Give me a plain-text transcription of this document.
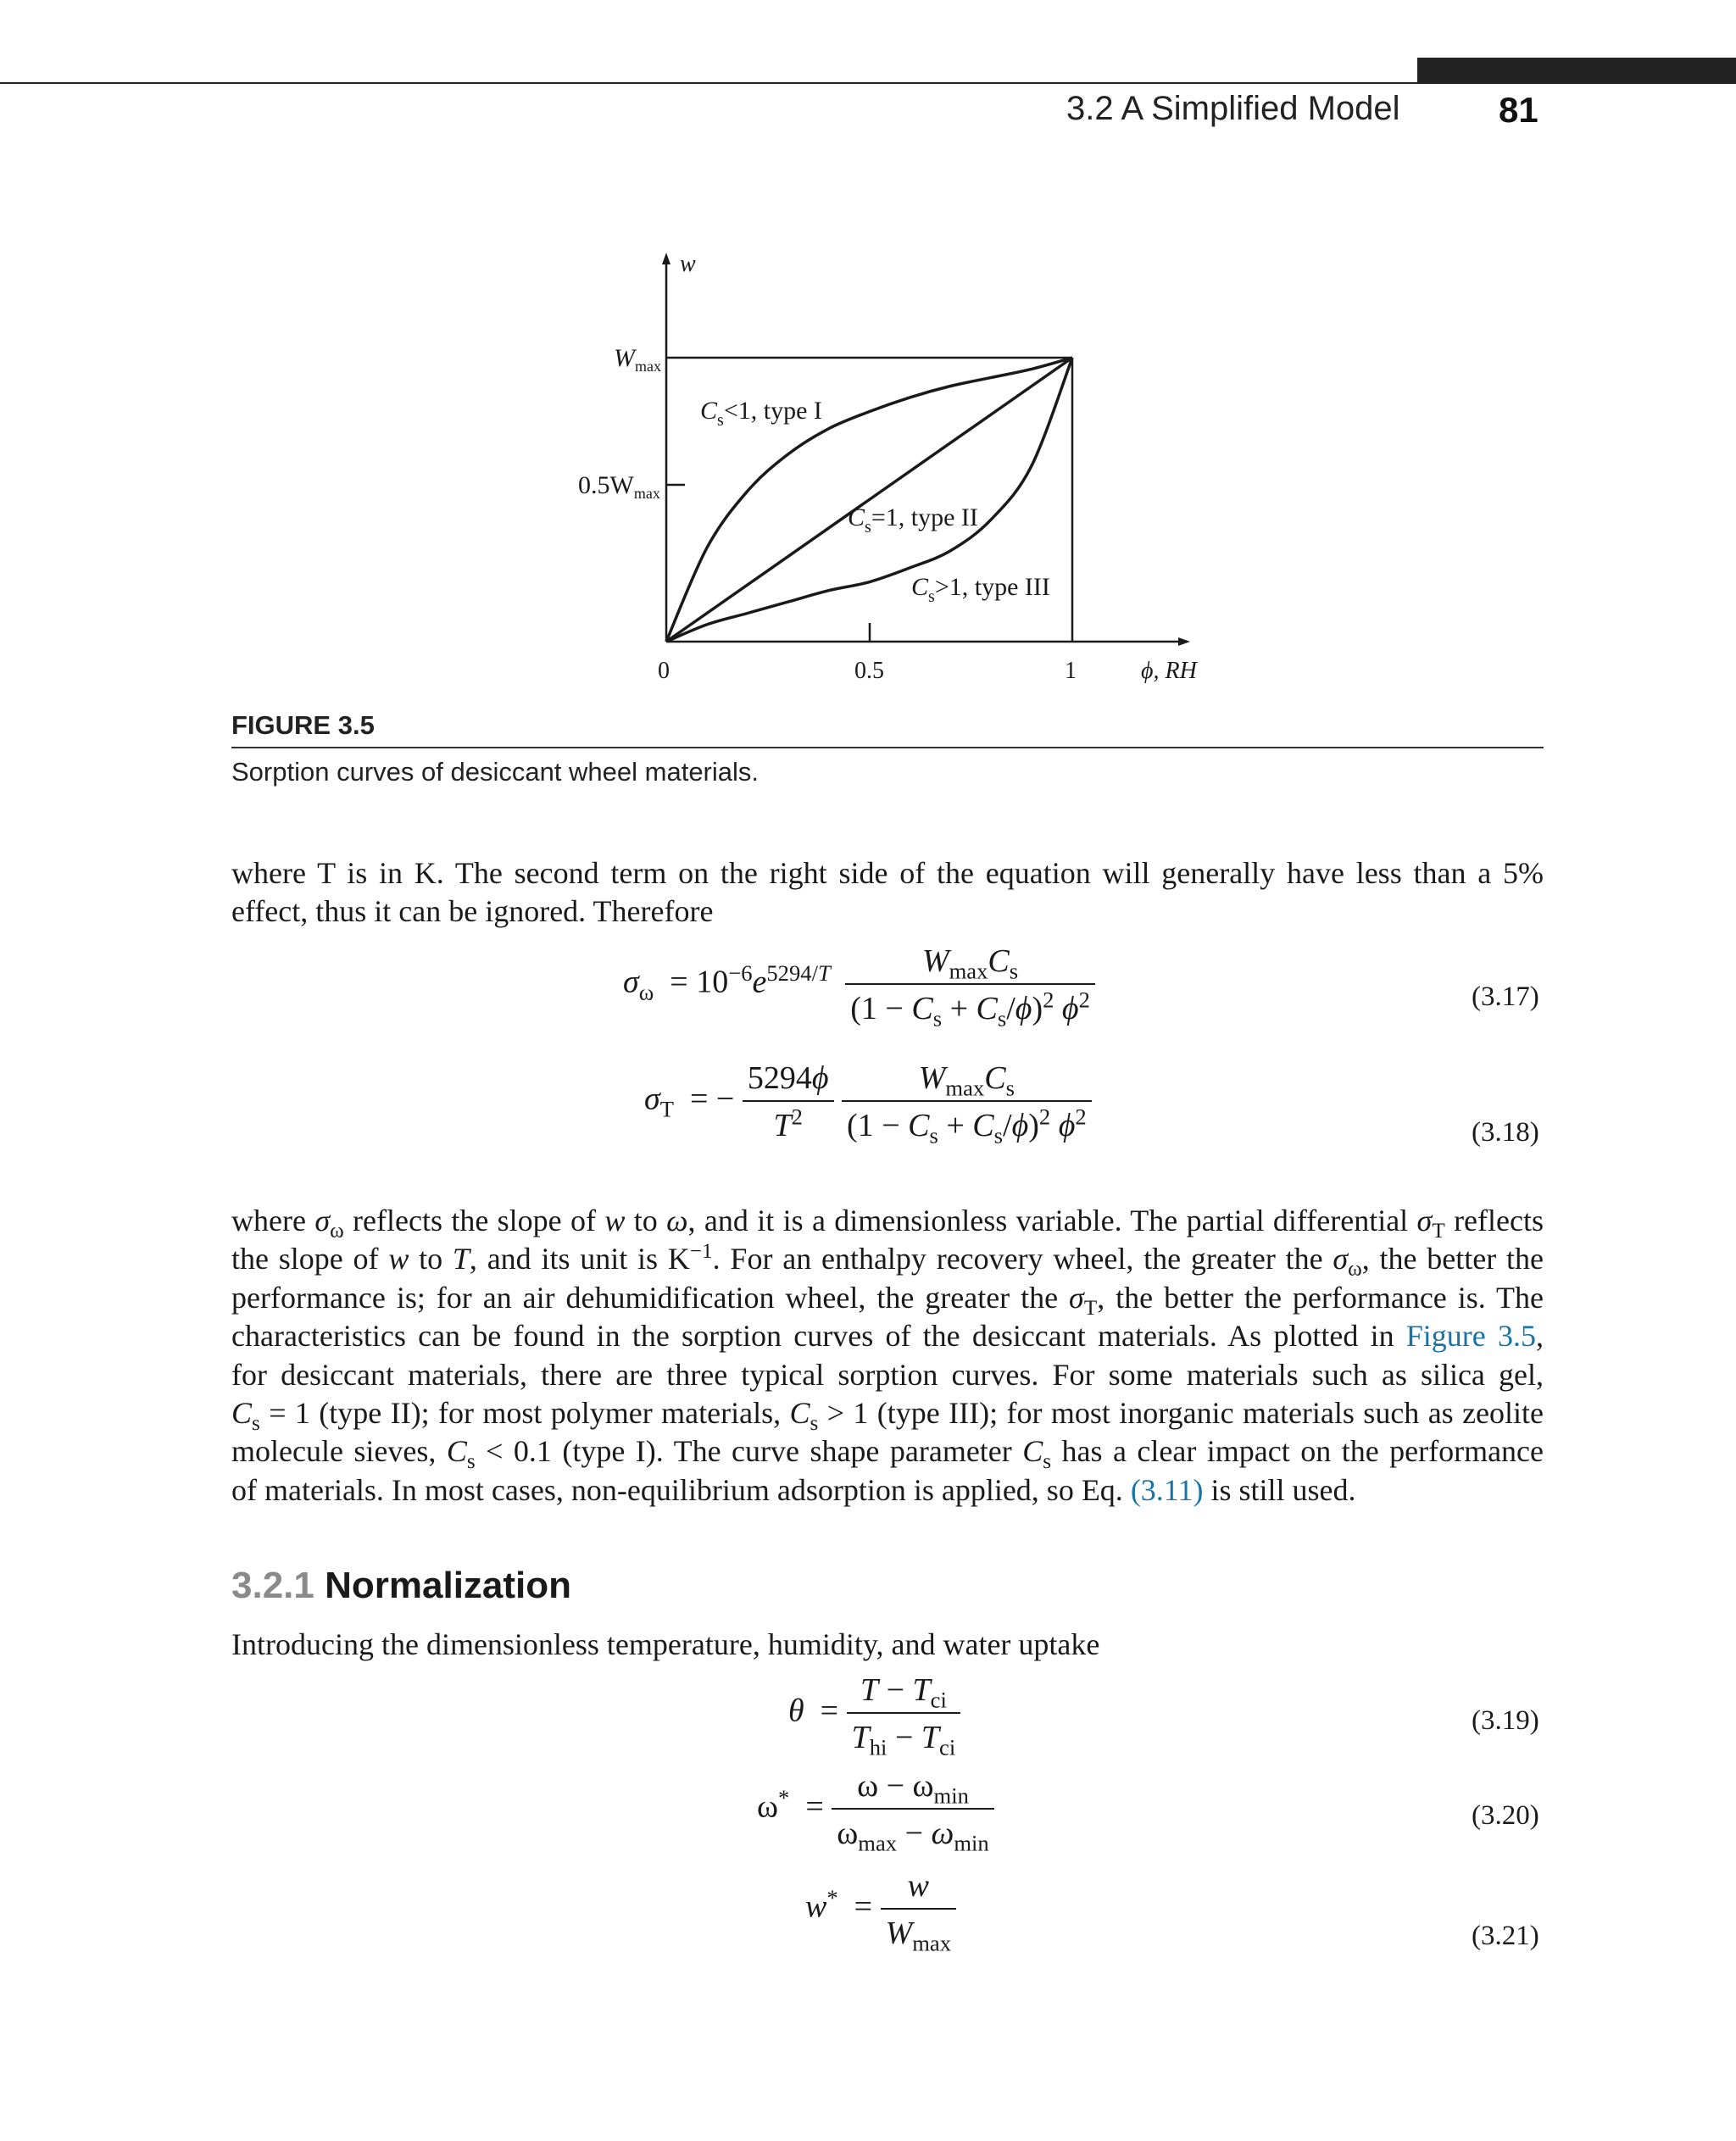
3.2 A Simplified Model	81
w
$W_{max}$
$0.5W_{max}$
0	0.5	1	ϕ, RH
$C_s<1$, type I
$C_s=1$, type II
$C_s>1$, type III
FIGURE 3.5
Sorption curves of desiccant wheel materials.
where T is in K. The second term on the right side of the equation will generally have less than a 5%
effect, thus it can be ignored. Therefore
$\sigma_\omega = 10^{-6}e^{5294/T} \frac{W_{max}C_s}{(1 - C_s + C_s/\phi)^2 \phi^2}$	(3.17)
$\sigma_T$  = − $\frac{5294\phi}{T^2}$
$\frac{W_{max}C_s}{(1 - C_s + C_s/\phi)^2 \phi^2}$	(3.18)
where $\sigma_\omega$ reflects the slope of w to ω, and it is a dimensionless variable. The partial differential $\sigma_T$ reflects
the slope of w to T, and its unit is $K^{-1}$. For an enthalpy recovery wheel, the greater the $\sigma_\omega$, the better the
performance is; for an air dehumidification wheel, the greater the $\sigma_T$, the better the performance is. The
characteristics can be found in the sorption curves of the desiccant materials. As plotted in Figure 3.5,
for desiccant materials, there are three typical sorption curves. For some materials such as silica gel,
$C_s = 1$ (type II); for most polymer materials, $C_s > 1$ (type III); for most inorganic materials such as zeolite
molecule sieves, $C_s < 0.1$ (type I). The curve shape parameter $C_s$ has a clear impact on the performance
of materials. In most cases, non-equilibrium adsorption is applied, so Eq. (3.11) is still used.
3.2.1 Normalization
Introducing the dimensionless temperature, humidity, and water uptake
$\theta = \frac{T - T_{ci}}{T_{hi} - T_{ci}}$	(3.19)
$\omega^* = \frac{\omega - \omega_{min}}{\omega_{max} - \omega_{min}}$	(3.20)
$w^* = \frac{w}{W_{max}}$	(3.21)
